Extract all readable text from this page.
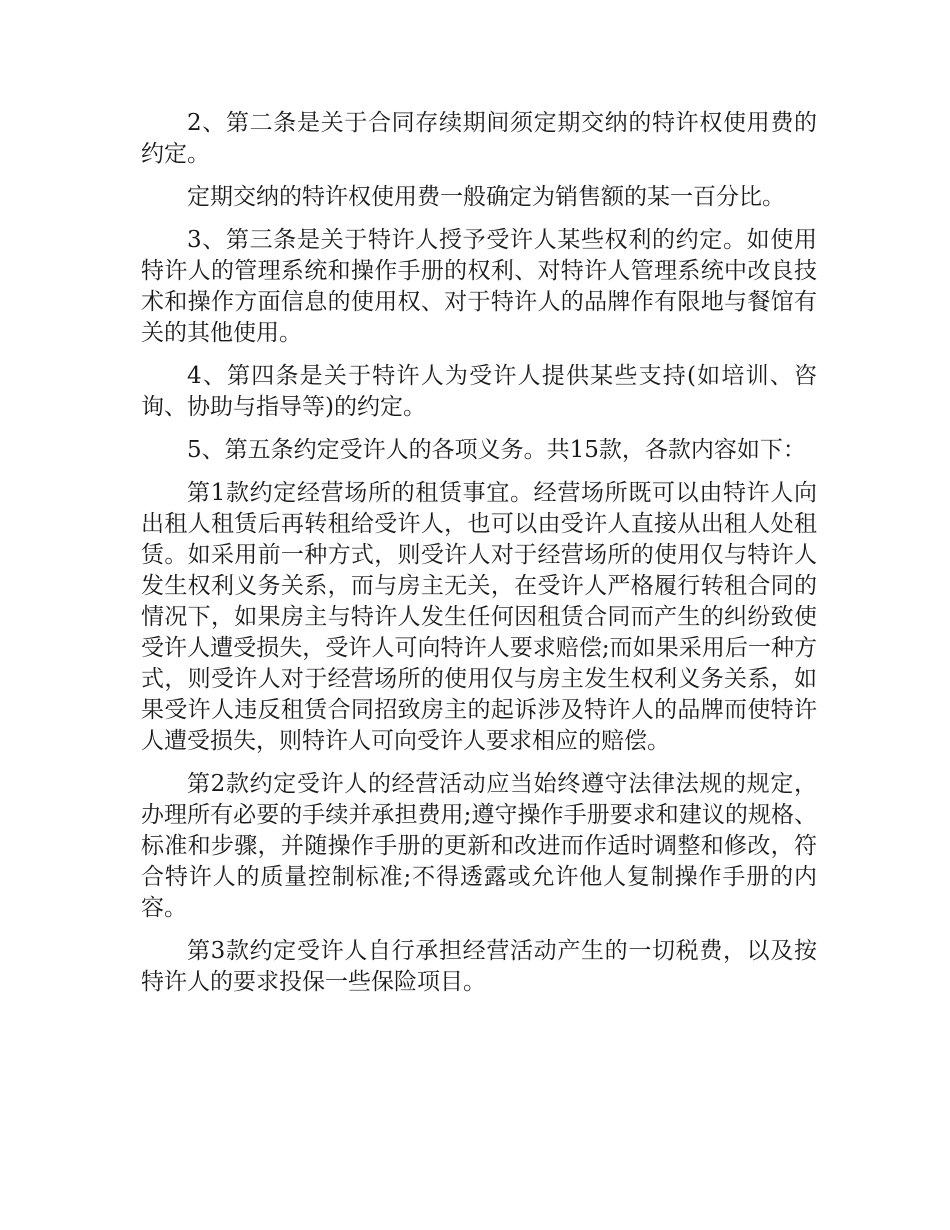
2、第二条是关于合同存续期间须定期交纳的特许权使用费的约定。

定期交纳的特许权使用费一般确定为销售额的某一百分比。

3、第三条是关于特许人授予受许人某些权利的约定。如使用特许人的管理系统和操作手册的权利、对特许人管理系统中改良技术和操作方面信息的使用权、对于特许人的品牌作有限地与餐馆有关的其他使用。

4、第四条是关于特许人为受许人提供某些支持(如培训、咨询、协助与指导等)的约定。

5、第五条约定受许人的各项义务。共15款，各款内容如下：

第1款约定经营场所的租赁事宜。经营场所既可以由特许人向出租人租赁后再转租给受许人，也可以由受许人直接从出租人处租赁。如采用前一种方式，则受许人对于经营场所的使用仅与特许人发生权利义务关系，而与房主无关，在受许人严格履行转租合同的情况下，如果房主与特许人发生任何因租赁合同而产生的纠纷致使受许人遭受损失，受许人可向特许人要求赔偿;而如果采用后一种方式，则受许人对于经营场所的使用仅与房主发生权利义务关系，如果受许人违反租赁合同招致房主的起诉涉及特许人的品牌而使特许人遭受损失，则特许人可向受许人要求相应的赔偿。

第2款约定受许人的经营活动应当始终遵守法律法规的规定，办理所有必要的手续并承担费用;遵守操作手册要求和建议的规格、标准和步骤，并随操作手册的更新和改进而作适时调整和修改，符合特许人的质量控制标准;不得透露或允许他人复制操作手册的内容。

第3款约定受许人自行承担经营活动产生的一切税费，以及按特许人的要求投保一些保险项目。
